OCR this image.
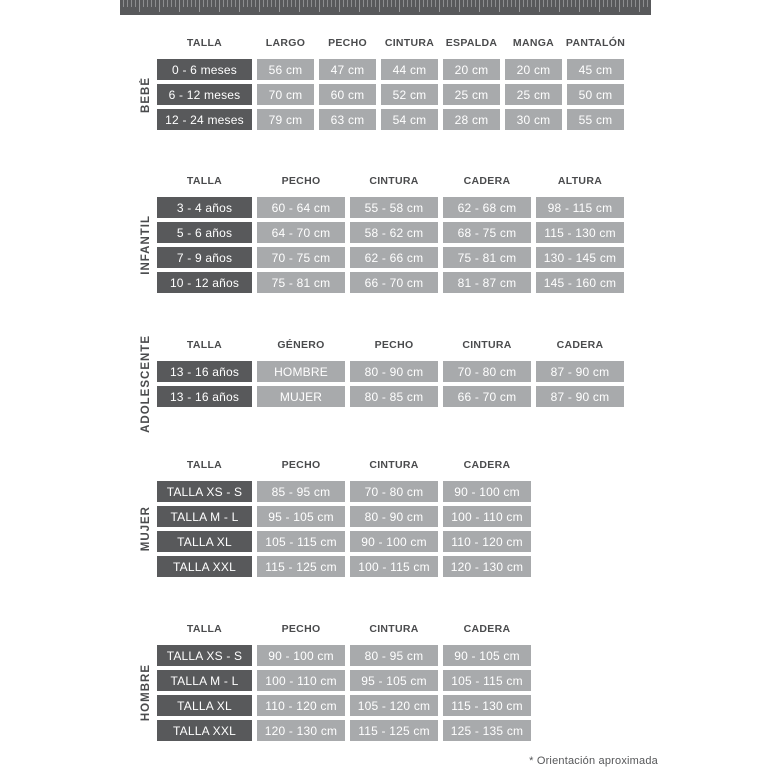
BEBÉ
INFANTIL
ADOLESCENTE
MUJER
HOMBRE
TALLA	LARGO	PECHO	CINTURA	ESPALDA	MANGA	PANTALÓN
0 - 6 meses	56 cm	47 cm	44 cm	20 cm	20 cm	45 cm
6 - 12 meses	70 cm	60 cm	52 cm	25 cm	25 cm	50 cm
12 - 24 meses	79 cm	63 cm	54 cm	28 cm	30 cm	55 cm
TALLA	PECHO	CINTURA	CADERA	ALTURA
3 - 4 años	60 - 64 cm	55 - 58 cm	62 - 68 cm	98 - 115 cm
5 - 6 años	64 - 70 cm	58 - 62 cm	68 - 75 cm	115 - 130 cm
7 - 9 años	70 - 75 cm	62 - 66 cm	75 - 81 cm	130 - 145 cm
10 - 12 años	75 - 81 cm	66 - 70 cm	81 - 87 cm	145 - 160 cm
TALLA	GÉNERO	PECHO	CINTURA	CADERA
13 - 16 años	HOMBRE	80 - 90 cm	70 - 80 cm	87 - 90 cm
13 - 16 años	MUJER	80 - 85 cm	66 - 70 cm	87 - 90 cm
TALLA	PECHO	CINTURA	CADERA
TALLA XS - S	85 - 95 cm	70 - 80 cm	90 - 100 cm
TALLA M - L	95 - 105 cm	80 - 90 cm	100 - 110 cm
TALLA XL	105 - 115 cm	90 - 100 cm	110 - 120 cm
TALLA XXL	115 - 125 cm	100 - 115 cm	120 - 130 cm
TALLA	PECHO	CINTURA	CADERA
TALLA XS - S	90 - 100 cm	80 - 95 cm	90 - 105 cm
TALLA M - L	100 - 110 cm	95 - 105 cm	105 - 115 cm
TALLA XL	110 - 120 cm	105 - 120 cm	115 - 130 cm
TALLA XXL	120 - 130 cm	115 - 125 cm	125 - 135 cm
* Orientación aproximada
